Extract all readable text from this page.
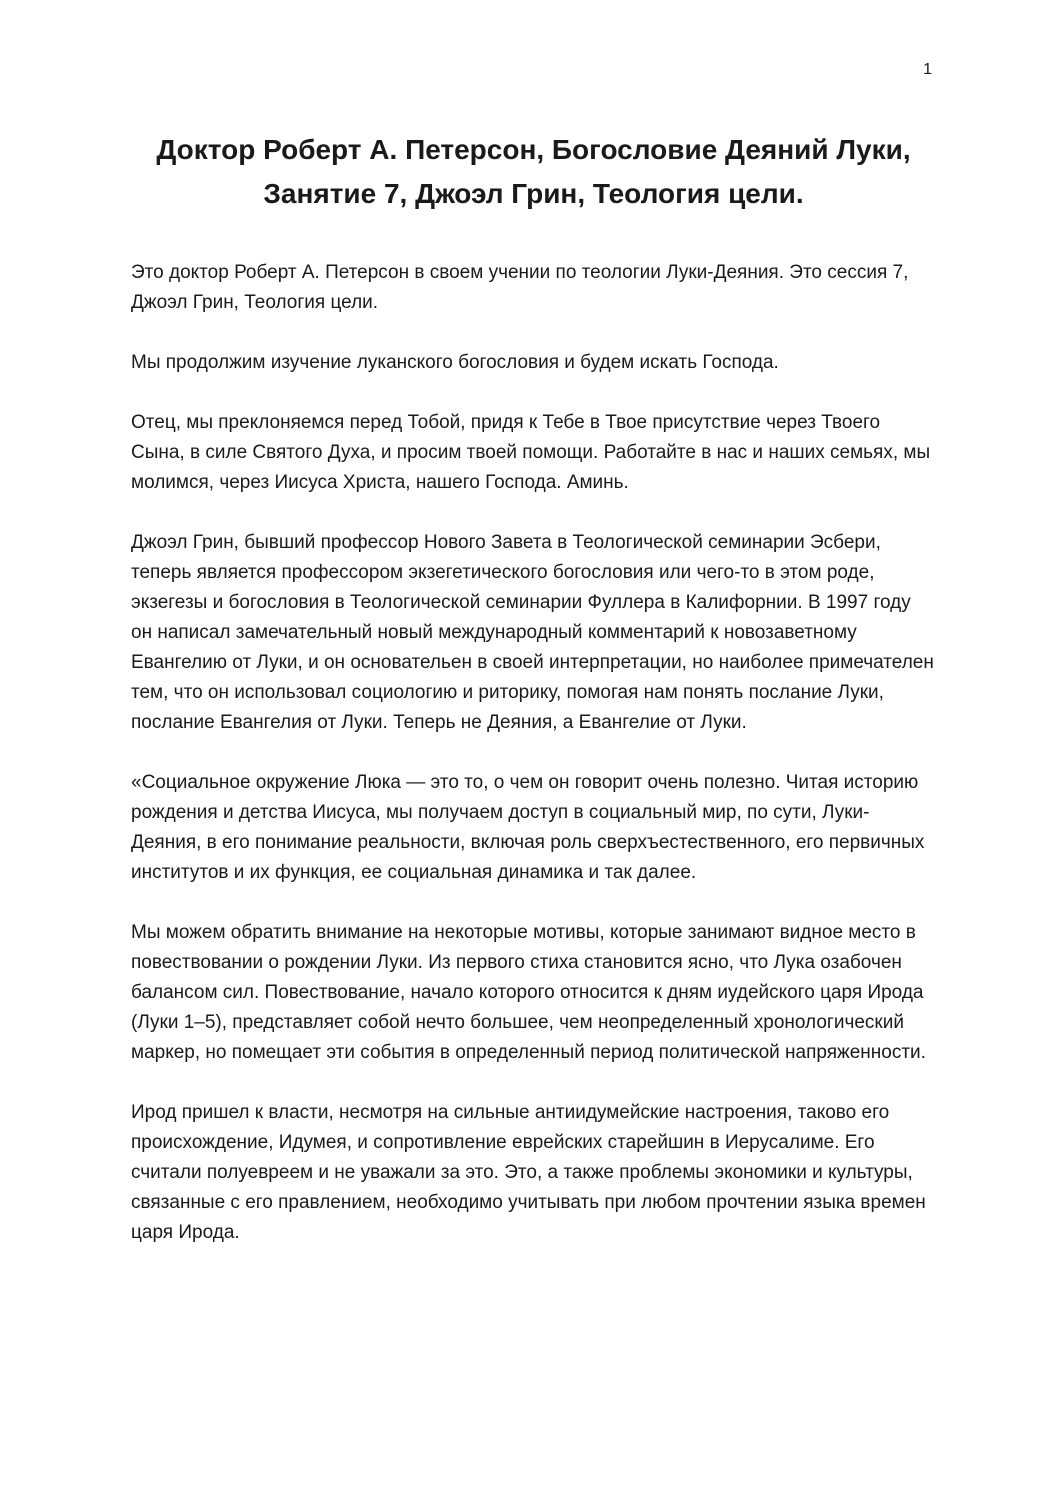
1
Доктор Роберт А. Петерсон, Богословие Деяний Луки,
Занятие 7, Джоэл Грин, Теология цели.

Это доктор Роберт А. Петерсон в своем учении по теологии Луки-Деяния. Это сессия 7, Джоэл Грин, Теология цели.

Мы продолжим изучение луканского богословия и будем искать Господа.

Отец, мы преклоняемся перед Тобой, придя к Тебе в Твое присутствие через Твоего Сына, в силе Святого Духа, и просим твоей помощи. Работайте в нас и наших семьях, мы молимся, через Иисуса Христа, нашего Господа. Аминь.

Джоэл Грин, бывший профессор Нового Завета в Теологической семинарии Эсбери, теперь является профессором экзегетического богословия или чего-то в этом роде, экзегезы и богословия в Теологической семинарии Фуллера в Калифорнии. В 1997 году он написал замечательный новый международный комментарий к новозаветному Евангелию от Луки, и он основательен в своей интерпретации, но наиболее примечателен тем, что он использовал социологию и риторику, помогая нам понять послание Луки, послание Евангелия от Луки. Теперь не Деяния, а Евангелие от Луки.

«Социальное окружение Люка — это то, о чем он говорит очень полезно. Читая историю рождения и детства Иисуса, мы получаем доступ в социальный мир, по сути, Луки-Деяния, в его понимание реальности, включая роль сверхъестественного, его первичных институтов и их функция, ее социальная динамика и так далее.

Мы можем обратить внимание на некоторые мотивы, которые занимают видное место в повествовании о рождении Луки. Из первого стиха становится ясно, что Лука озабочен балансом сил. Повествование, начало которого относится к дням иудейского царя Ирода (Луки 1–5), представляет собой нечто большее, чем неопределенный хронологический маркер, но помещает эти события в определенный период политической напряженности.

Ирод пришел к власти, несмотря на сильные антиидумейские настроения, таково его происхождение, Идумея, и сопротивление еврейских старейшин в Иерусалиме. Его считали полуевреем и не уважали за это. Это, а также проблемы экономики и культуры, связанные с его правлением, необходимо учитывать при любом прочтении языка времен царя Ирода.
